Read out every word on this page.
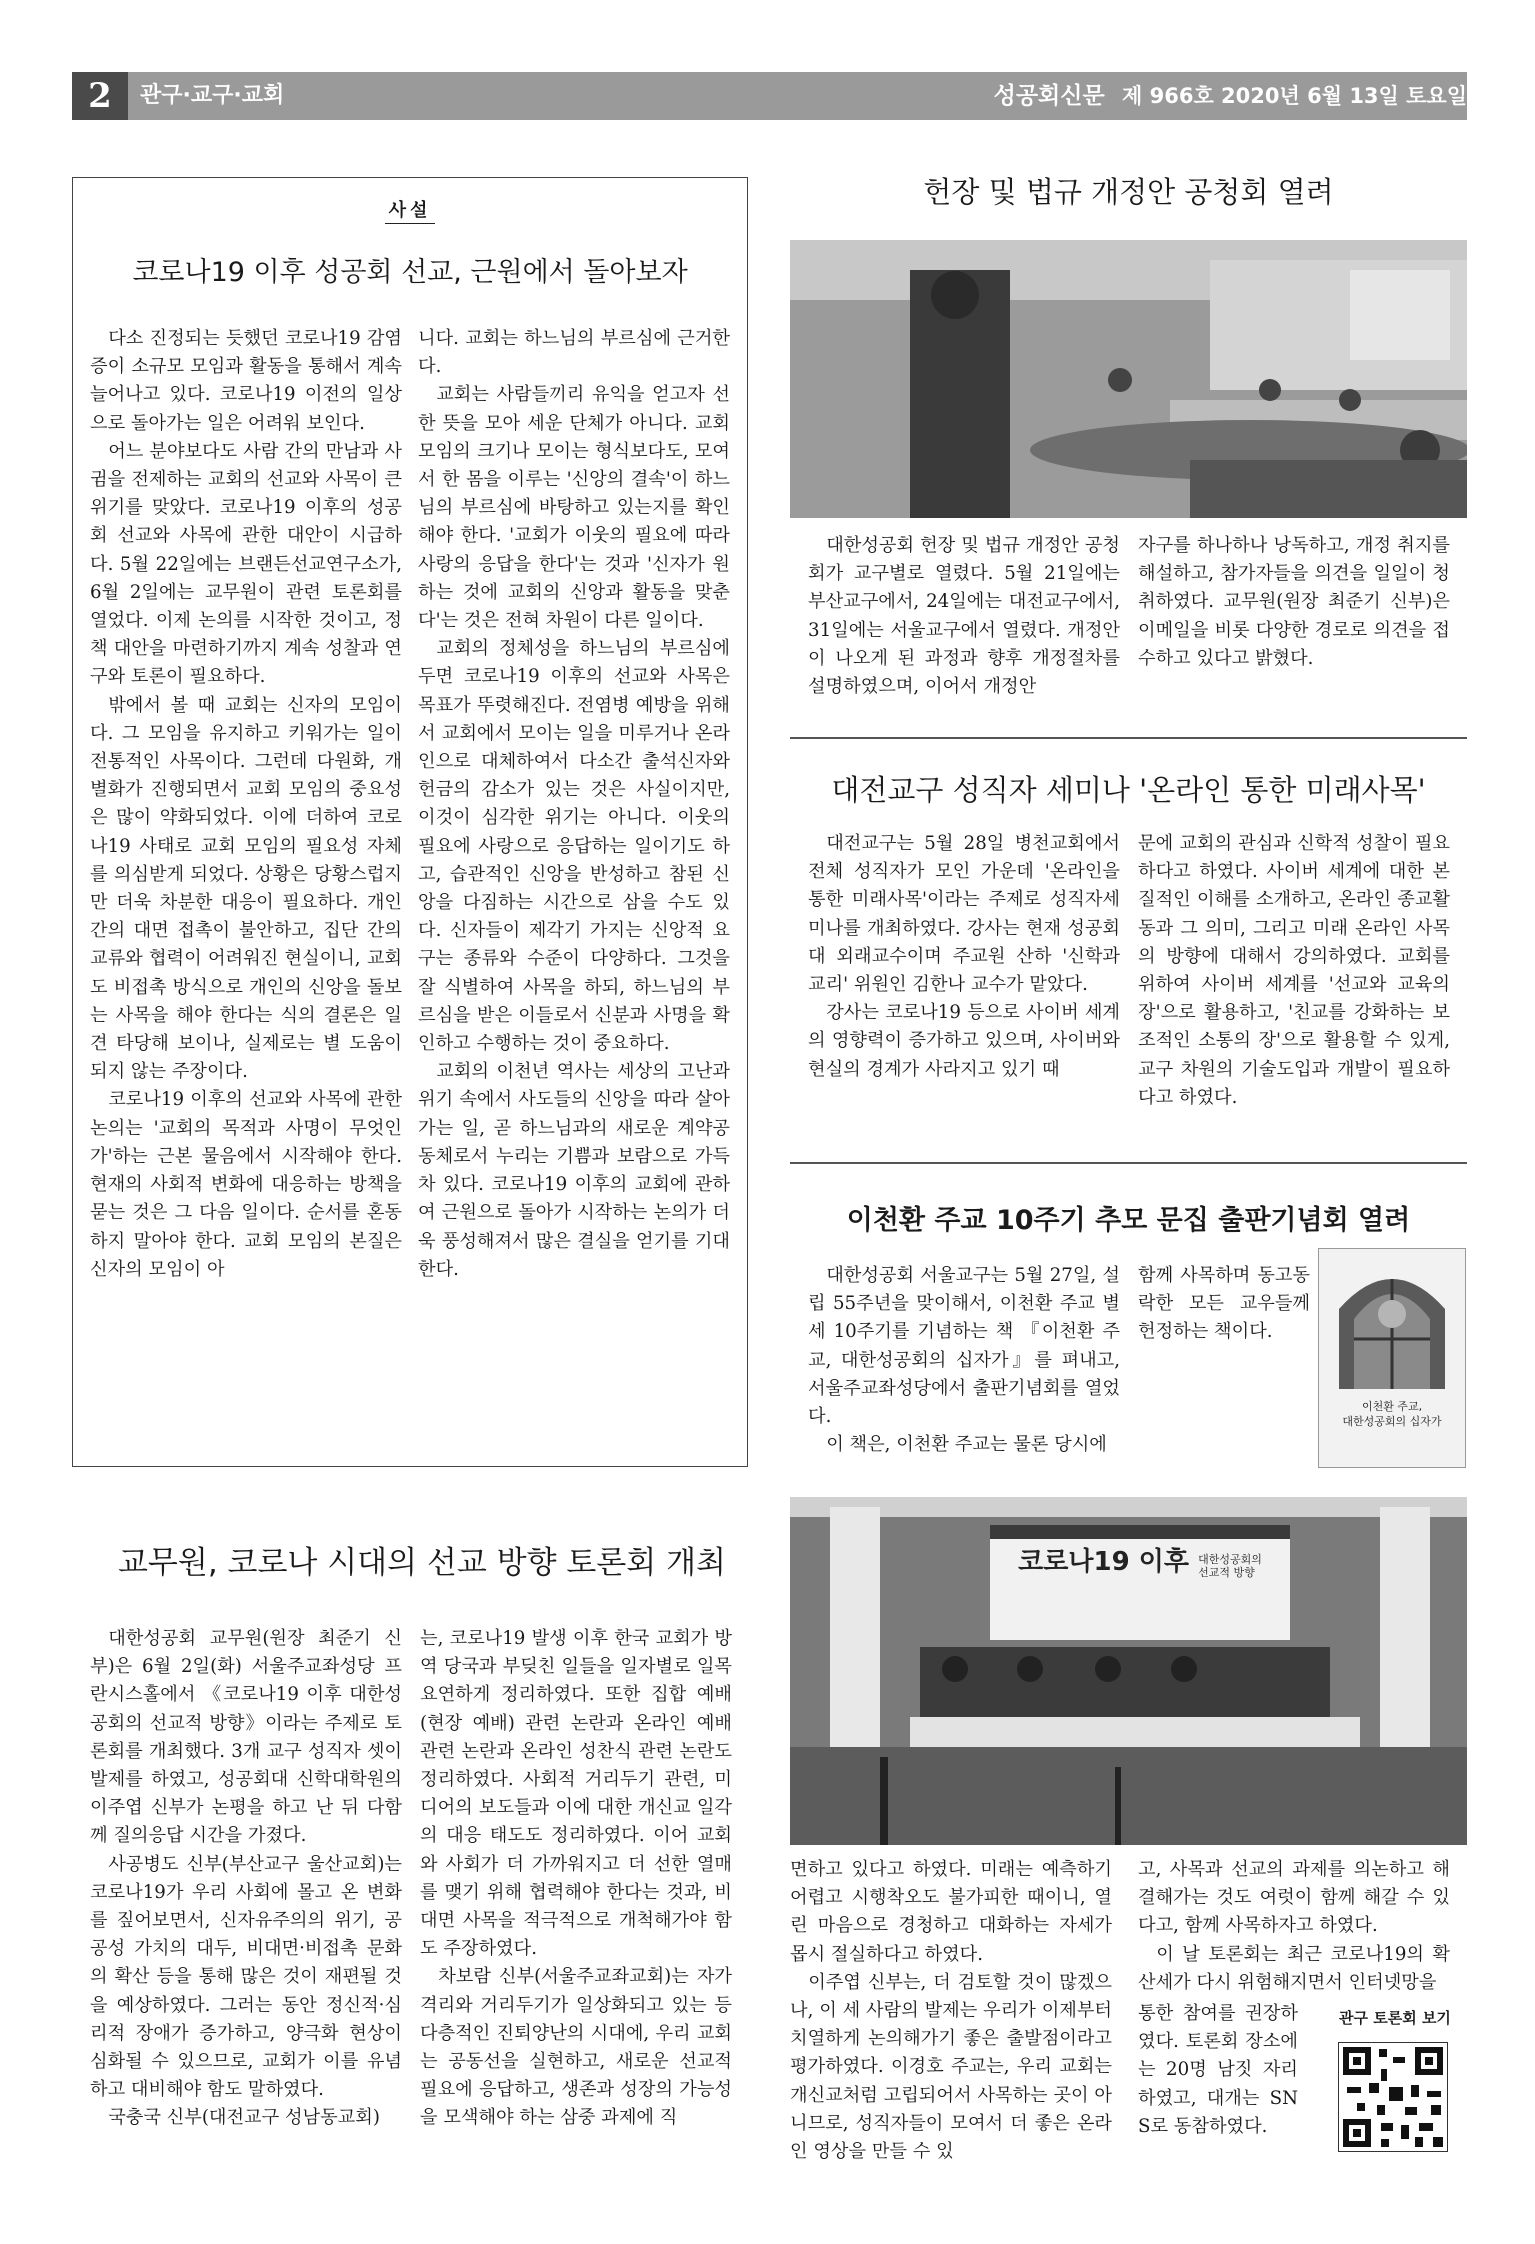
2	관구·교구·교회	성공회신문 제 966호 2020년 6월 13일 토요일
사설
코로나19 이후 성공회 선교, 근원에서 돌아보자

다소 진정되는 듯했던 코로나19 감염증이 소규모 모임과 활동을 통해서 계속 늘어나고 있다. 코로나19 이전의 일상으로 돌아가는 일은 어려워 보인다.

어느 분야보다도 사람 간의 만남과 사귐을 전제하는 교회의 선교와 사목이 큰 위기를 맞았다. 코로나19 이후의 성공회 선교와 사목에 관한 대안이 시급하다. 5월 22일에는 브랜든선교연구소가, 6월 2일에는 교무원이 관련 토론회를 열었다. 이제 논의를 시작한 것이고, 정책 대안을 마련하기까지 계속 성찰과 연구와 토론이 필요하다.

밖에서 볼 때 교회는 신자의 모임이다. 그 모임을 유지하고 키워가는 일이 전통적인 사목이다. 그런데 다원화, 개별화가 진행되면서 교회 모임의 중요성은 많이 약화되었다. 이에 더하여 코로나19 사태로 교회 모임의 필요성 자체를 의심받게 되었다. 상황은 당황스럽지만 더욱 차분한 대응이 필요하다. 개인 간의 대면 접촉이 불안하고, 집단 간의 교류와 협력이 어려워진 현실이니, 교회도 비접촉 방식으로 개인의 신앙을 돌보는 사목을 해야 한다는 식의 결론은 일견 타당해 보이나, 실제로는 별 도움이 되지 않는 주장이다.

코로나19 이후의 선교와 사목에 관한 논의는 '교회의 목적과 사명이 무엇인가'하는 근본 물음에서 시작해야 한다. 현재의 사회적 변화에 대응하는 방책을 묻는 것은 그 다음 일이다. 순서를 혼동하지 말아야 한다. 교회 모임의 본질은 신자의 모임이 아

니다. 교회는 하느님의 부르심에 근거한다.

교회는 사람들끼리 유익을 얻고자 선한 뜻을 모아 세운 단체가 아니다. 교회 모임의 크기나 모이는 형식보다도, 모여서 한 몸을 이루는 '신앙의 결속'이 하느님의 부르심에 바탕하고 있는지를 확인해야 한다. '교회가 이웃의 필요에 따라 사랑의 응답을 한다'는 것과 '신자가 원하는 것에 교회의 신앙과 활동을 맞춘다'는 것은 전혀 차원이 다른 일이다.

교회의 정체성을 하느님의 부르심에 두면 코로나19 이후의 선교와 사목은 목표가 뚜렷해진다. 전염병 예방을 위해서 교회에서 모이는 일을 미루거나 온라인으로 대체하여서 다소간 출석신자와 헌금의 감소가 있는 것은 사실이지만, 이것이 심각한 위기는 아니다. 이웃의 필요에 사랑으로 응답하는 일이기도 하고, 습관적인 신앙을 반성하고 참된 신앙을 다짐하는 시간으로 삼을 수도 있다. 신자들이 제각기 가지는 신앙적 요구는 종류와 수준이 다양하다. 그것을 잘 식별하여 사목을 하되, 하느님의 부르심을 받은 이들로서 신분과 사명을 확인하고 수행하는 것이 중요하다.

교회의 이천년 역사는 세상의 고난과 위기 속에서 사도들의 신앙을 따라 살아가는 일, 곧 하느님과의 새로운 계약공동체로서 누리는 기쁨과 보람으로 가득차 있다. 코로나19 이후의 교회에 관하여 근원으로 돌아가 시작하는 논의가 더욱 풍성해져서 많은 결실을 얻기를 기대한다.

헌장 및 법규 개정안 공청회 열려

대한성공회 헌장 및 법규 개정안 공청회가 교구별로 열렸다. 5월 21일에는 부산교구에서, 24일에는 대전교구에서, 31일에는 서울교구에서 열렸다. 개정안이 나오게 된 과정과 향후 개정절차를 설명하였으며, 이어서 개정안

자구를 하나하나 낭독하고, 개정 취지를 해설하고, 참가자들을 의견을 일일이 청취하였다. 교무원(원장 최준기 신부)은 이메일을 비롯 다양한 경로로 의견을 접수하고 있다고 밝혔다.

대전교구 성직자 세미나 '온라인 통한 미래사목'

대전교구는 5월 28일 병천교회에서 전체 성직자가 모인 가운데 '온라인을 통한 미래사목'이라는 주제로 성직자세미나를 개최하였다. 강사는 현재 성공회대 외래교수이며 주교원 산하 '신학과 교리' 위원인 김한나 교수가 맡았다.

강사는 코로나19 등으로 사이버 세계의 영향력이 증가하고 있으며, 사이버와 현실의 경계가 사라지고 있기 때

문에 교회의 관심과 신학적 성찰이 필요하다고 하였다. 사이버 세계에 대한 본질적인 이해를 소개하고, 온라인 종교활동과 그 의미, 그리고 미래 온라인 사목의 방향에 대해서 강의하였다. 교회를 위하여 사이버 세계를 '선교와 교육의 장'으로 활용하고, '친교를 강화하는 보조적인 소통의 장'으로 활용할 수 있게, 교구 차원의 기술도입과 개발이 필요하다고 하였다.

이천환 주교 10주기 추모 문집 출판기념회 열려

대한성공회 서울교구는 5월 27일, 설립 55주년을 맞이해서, 이천환 주교 별세 10주기를 기념하는 책 『이천환 주교, 대한성공회의 십자가』를 펴내고, 서울주교좌성당에서 출판기념회를 열었다.

이 책은, 이천환 주교는 물론 당시에

함께 사목하며 동고동락한 모든 교우들께 헌정하는 책이다.

이천환 주교,
대한성공회의 십자가
교무원, 코로나 시대의 선교 방향 토론회 개최	코로나19 이후 대한성공회의
선교적 방향

대한성공회 교무원(원장 최준기 신부)은 6월 2일(화) 서울주교좌성당 프란시스홀에서 《코로나19 이후 대한성공회의 선교적 방향》이라는 주제로 토론회를 개최했다. 3개 교구 성직자 셋이 발제를 하였고, 성공회대 신학대학원의 이주엽 신부가 논평을 하고 난 뒤 다함께 질의응답 시간을 가졌다.

사공병도 신부(부산교구 울산교회)는 코로나19가 우리 사회에 몰고 온 변화를 짚어보면서, 신자유주의의 위기, 공공성 가치의 대두, 비대면·비접촉 문화의 확산 등을 통해 많은 것이 재편될 것을 예상하였다. 그러는 동안 정신적·심리적 장애가 증가하고, 양극화 현상이 심화될 수 있으므로, 교회가 이를 유념하고 대비해야 함도 말하였다.

국충국 신부(대전교구 성남동교회)

는, 코로나19 발생 이후 한국 교회가 방역 당국과 부딪친 일들을 일자별로 일목요연하게 정리하였다. 또한 집합 예배(현장 예배) 관련 논란과 온라인 예배 관련 논란과 온라인 성찬식 관련 논란도 정리하였다. 사회적 거리두기 관련, 미디어의 보도들과 이에 대한 개신교 일각의 대응 태도도 정리하였다. 이어 교회와 사회가 더 가까워지고 더 선한 열매를 맺기 위해 협력해야 한다는 것과, 비대면 사목을 적극적으로 개척해가야 함도 주장하였다.

차보람 신부(서울주교좌교회)는 자가격리와 거리두기가 일상화되고 있는 등 다층적인 진퇴양난의 시대에, 우리 교회는 공동선을 실현하고, 새로운 선교적 필요에 응답하고, 생존과 성장의 가능성을 모색해야 하는 삼중 과제에 직

면하고 있다고 하였다. 미래는 예측하기 어렵고 시행착오도 불가피한 때이니, 열린 마음으로 경청하고 대화하는 자세가 몹시 절실하다고 하였다.

이주엽 신부는, 더 검토할 것이 많겠으나, 이 세 사람의 발제는 우리가 이제부터 치열하게 논의해가기 좋은 출발점이라고 평가하였다. 이경호 주교는, 우리 교회는 개신교처럼 고립되어서 사목하는 곳이 아니므로, 성직자들이 모여서 더 좋은 온라인 영상을 만들 수 있

고, 사목과 선교의 과제를 의논하고 해결해가는 것도 여럿이 함께 해갈 수 있다고, 함께 사목하자고 하였다.

이 날 토론회는 최근 코로나19의 확산세가 다시 위험해지면서 인터넷망을

통한 참여를 권장하였다. 토론회 장소에는 20명 남짓 자리하였고, 대개는 SNS로 동참하였다.

관구 토론회 보기
